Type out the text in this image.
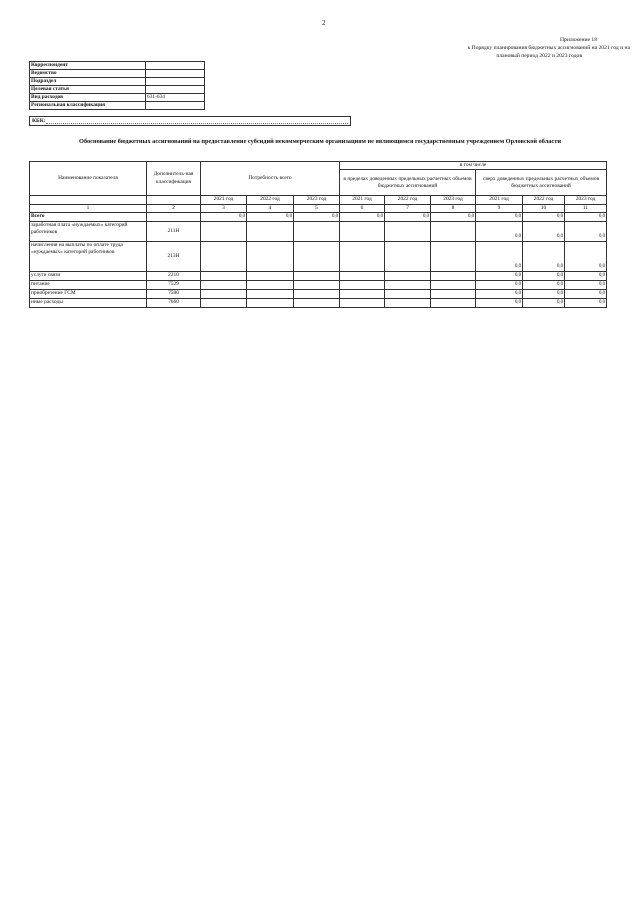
2
Приложение 18
к Порядку планирования бюджетных ассигнований на 2021 год и на
плановый период 2022 и 2023 годов
Корреспондент	
Ведомство	
Подраздел	
Целевая статья	
Вид расходов	631-634
Региональная классификация	
КБК:
Обоснование бюджетных ассигнований на предоставление субсидий некоммерческим организациям не являющимся государственным учреждением Орловской области
Наименование показателя	Дополнитель-ная классификация	Потребность всего			в том числе					
					в пределах доведенных предельных расчетных объемов бюджетных ассигнований			сверх доведенных предельных расчетных объемов бюджетных ассигнований		

		2021 год	2022 год	2023 год	2021 год	2022 год	2023 год	2021 год	2022 год	2023 год
1	2	3	4	5	6	7	8	9	10	11
Всего		0,0	0,0	0,0	0,0	0,0	0,0	0,0	0,0	0,0
заработная плата «нуждаемых» категорий работников	211Н							0,0	0,0	0,0
начисления на выплаты по оплате труда «нуждаемых» категорий работников	213Н							0,0	0,0	0,0
услуги связи	2210							0,0	0,0	0,0
питание	7529							0,0	0,0	0,0
приобретение ГСМ	7580							0,0	0,0	0,0
иные расходы	7660							0,0	0,0	0,0
